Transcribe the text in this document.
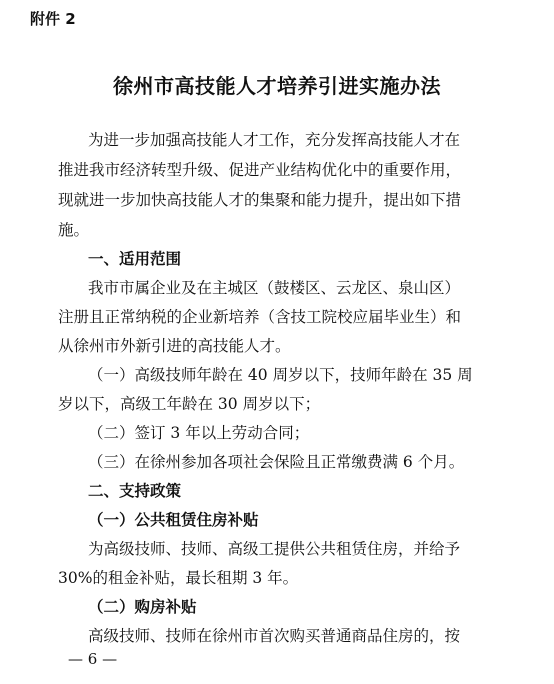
附件 2
徐州市高技能人才培养引进实施办法
为进一步加强高技能人才工作，充分发挥高技能人才在
推进我市经济转型升级、促进产业结构优化中的重要作用，
现就进一步加快高技能人才的集聚和能力提升，提出如下措
施。
一、适用范围
我市市属企业及在主城区（鼓楼区、云龙区、泉山区）
注册且正常纳税的企业新培养（含技工院校应届毕业生）和
从徐州市外新引进的高技能人才。
（一）高级技师年龄在 40 周岁以下，技师年龄在 35 周
岁以下，高级工年龄在 30 周岁以下；
（二）签订 3 年以上劳动合同；
（三）在徐州参加各项社会保险且正常缴费满 6 个月。
二、支持政策
（一）公共租赁住房补贴
为高级技师、技师、高级工提供公共租赁住房，并给予
30%的租金补贴，最长租期 3 年。
（二）购房补贴
高级技师、技师在徐州市首次购买普通商品住房的，按
— 6 —
